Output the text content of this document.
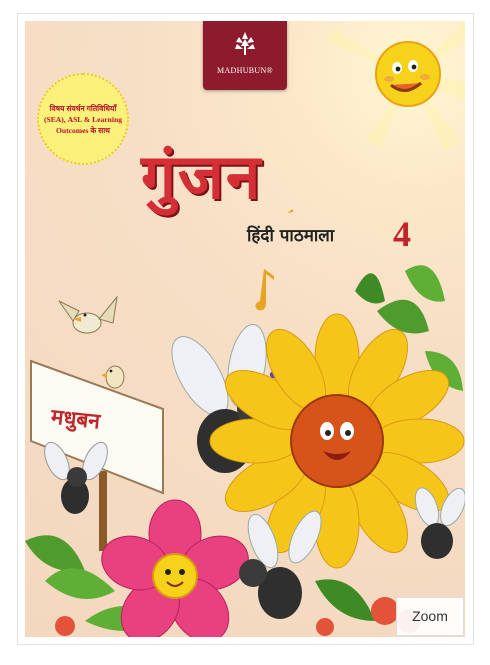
MADHUBUN®
विषय संवर्धन गतिविधियाँ (SEA), ASL & Learning Outcomes के साथ
गुंजन
हिंदी पाठमाला 4
मधुबन
Zoom
